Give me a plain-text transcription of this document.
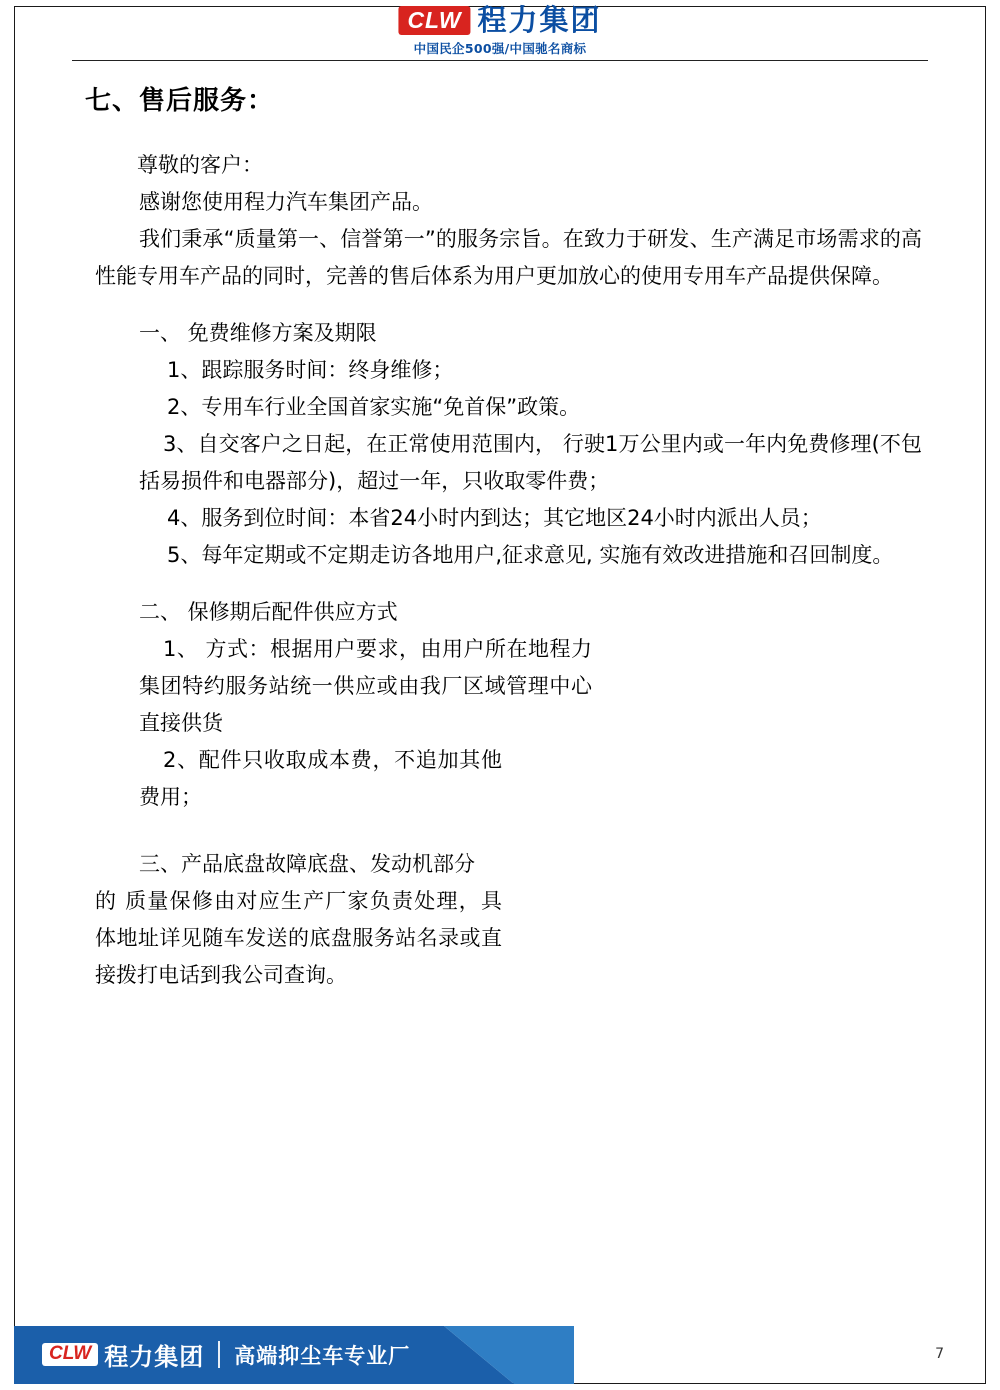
CLW 程力集团
中国民企500强/中国驰名商标
七、售后服务：

尊敬的客户：

感谢您使用程力汽车集团产品。

我们秉承“质量第一、信誉第一”的服务宗旨。在致力于研发、生产满足市场需求的高性能专用车产品的同时，完善的售后体系为用户更加放心的使用专用车产品提供保障。

一、 免费维修方案及期限

1、跟踪服务时间：终身维修；

2、专用车行业全国首家实施“免首保”政策。

3、自交客户之日起，在正常使用范围内， 行驶1万公里内或一年内免费修理(不包括易损件和电器部分)，超过一年，只收取零件费；

4、服务到位时间：本省24小时内到达；其它地区24小时内派出人员；

5、每年定期或不定期走访各地用户,征求意见, 实施有效改进措施和召回制度。

二、 保修期后配件供应方式

1、 方式：根据用户要求，由用户所在地程力集团特约服务站统一供应或由我厂区域管理中心直接供货

2、配件只收取成本费，不追加其他费用；

三、产品底盘故障底盘、发动机部分

的 质量保修由对应生产厂家负责处理，具 体地址详见随车发送的底盘服务站名录或直接拨打电话到我公司查询。

CLW 程力集团 高端抑尘车专业厂	7
